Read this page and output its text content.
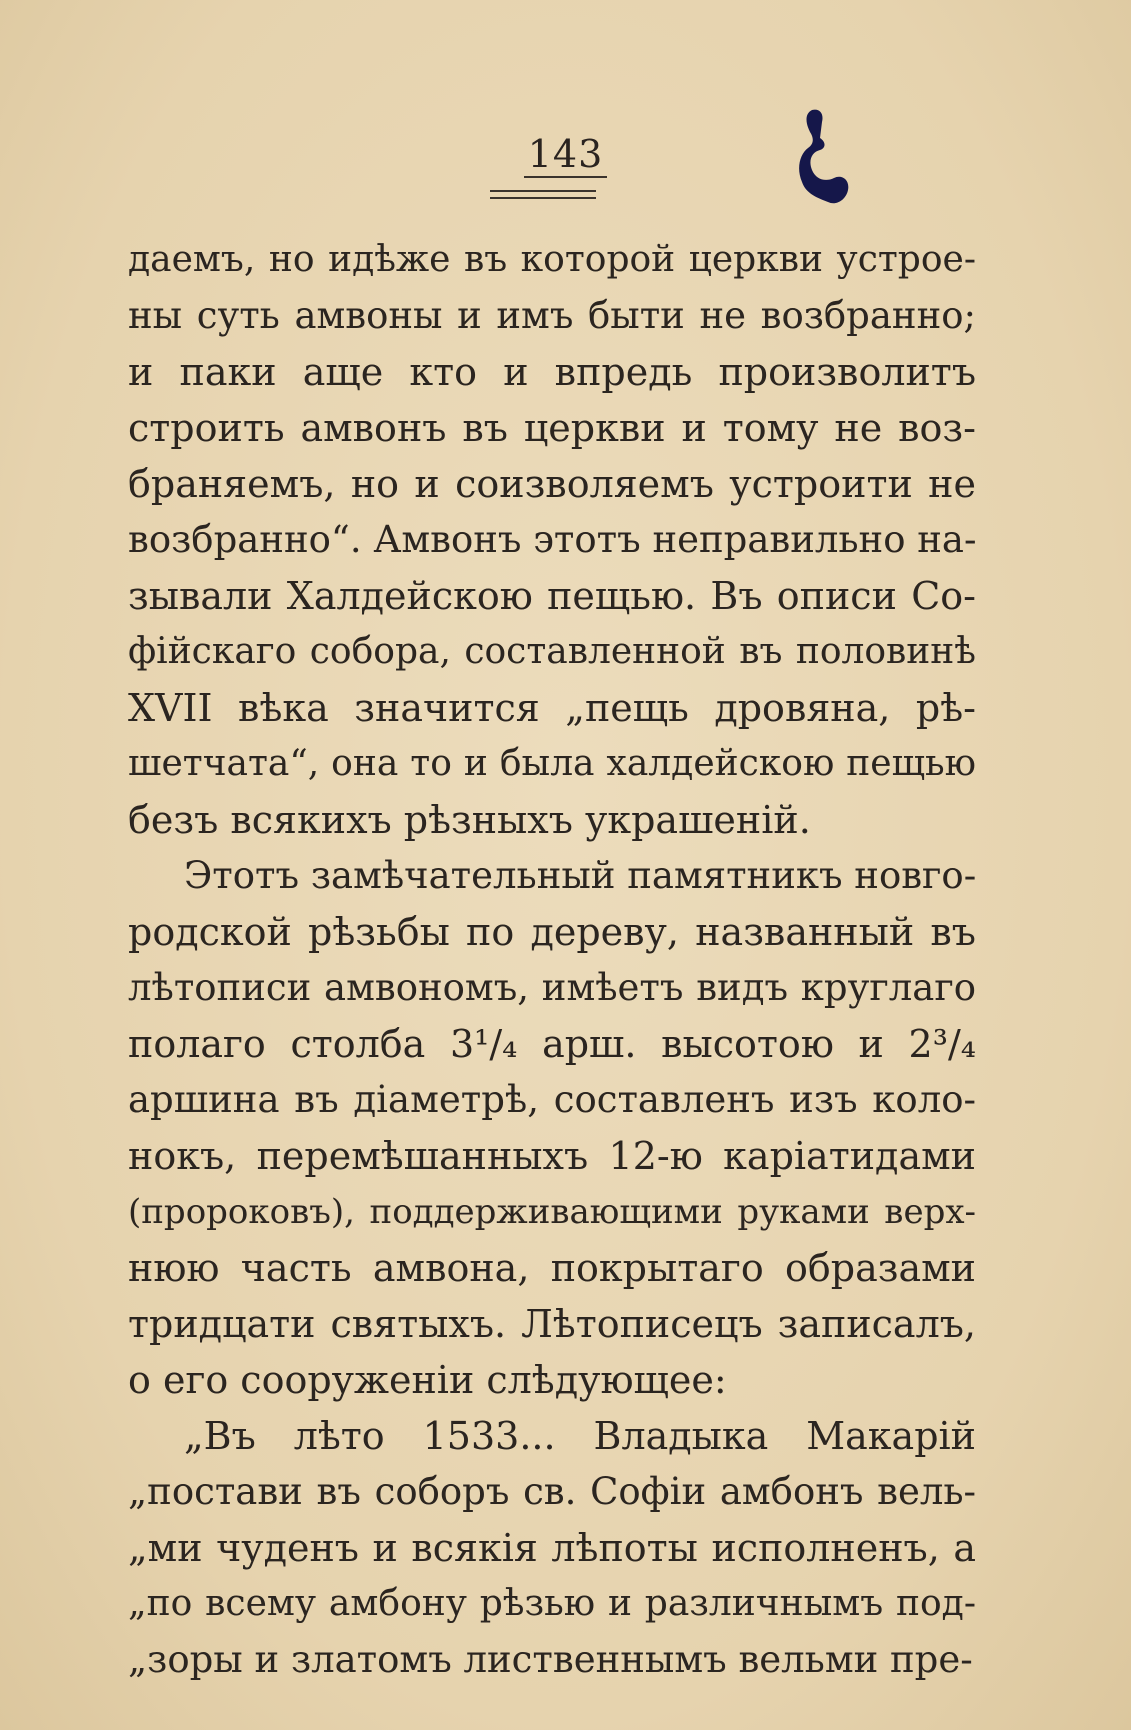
143
даемъ, но идѣже въ которой церкви устрое-
ны суть амвоны и имъ быти не возбранно;
и паки аще кто и впредь произволитъ
строить амвонъ въ церкви и тому не воз-
браняемъ, но и соизволяемъ устроити не
возбранно“. Амвонъ этотъ неправильно на-
зывали Халдейскою пещью. Въ описи Со-
фійскаго собора, составленной въ половинѣ
XVII вѣка значится „пещь дровяна, рѣ-
шетчата“, она то и была халдейскою пещью
безъ всякихъ рѣзныхъ украшеній.
Этотъ замѣчательный памятникъ новго-
родской рѣзьбы по дереву, названный въ
лѣтописи амвономъ, имѣетъ видъ круглаго
полаго столба 3¹/₄ арш. высотою и 2³/₄
аршина въ діаметрѣ, составленъ изъ коло-
нокъ, перемѣшанныхъ 12-ю каріатидами
(пророковъ), поддерживающими руками верх-
нюю часть амвона, покрытаго образами
тридцати святыхъ. Лѣтописецъ записалъ,
о его сооруженіи слѣдующее:
„Въ лѣто 1533... Владыка Макарій
„постави въ соборъ св. Софіи амбонъ вель-
„ми чуденъ и всякія лѣпоты исполненъ, а
„по всему амбону рѣзью и различнымъ под-
„зоры и златомъ лиственнымъ вельми пре-
